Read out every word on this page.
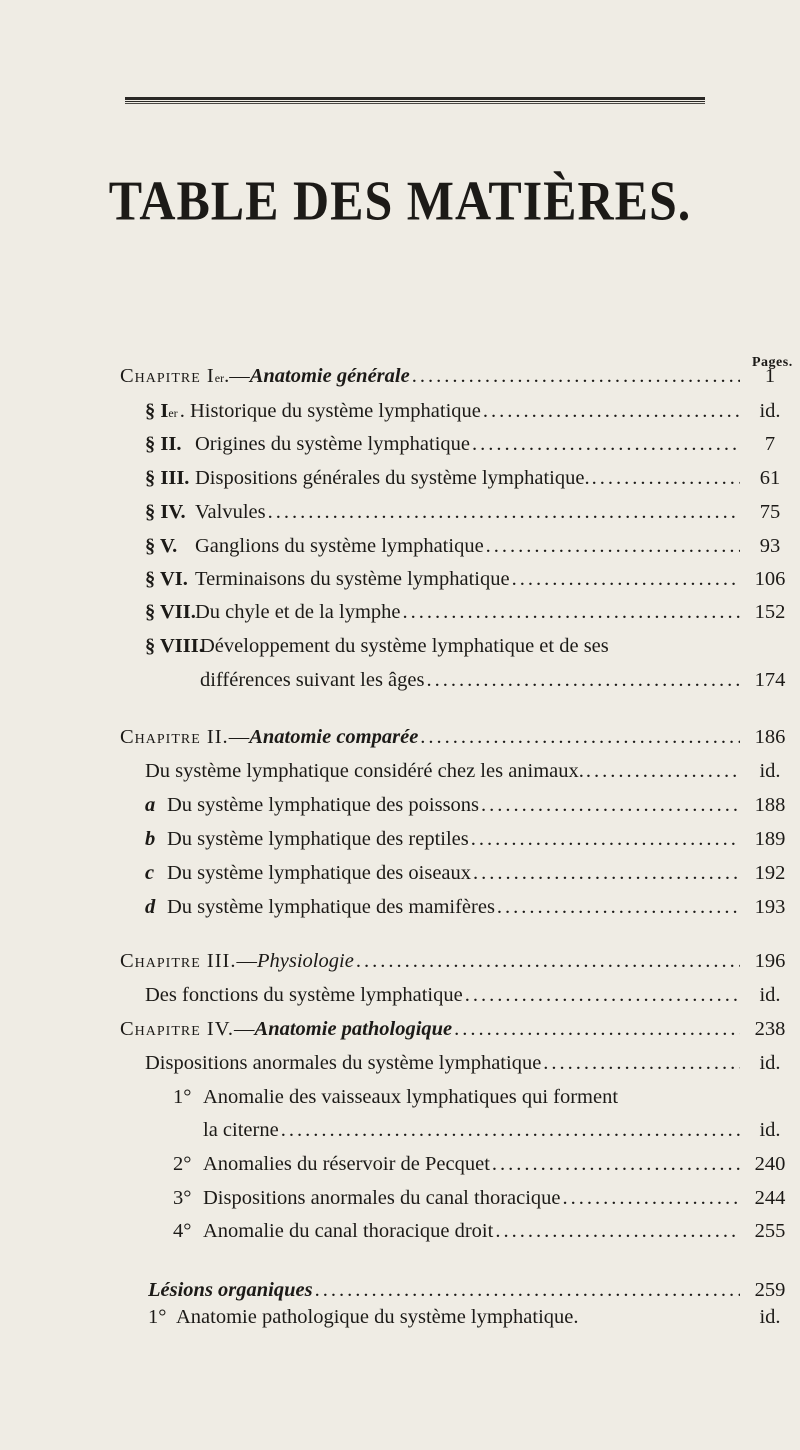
TABLE DES MATIÈRES.
Pages.
Chapitre I er .— Anatomie générale .....	1
§ I er . Historique du système lymphatique .....	id.
§ II. Origines du système lymphatique .....	7
§ III. Dispositions générales du système lymphatique. .....	61
§ IV. Valvules .....	75
§ V. Ganglions du système lymphatique .....	93
§ VI. Terminaisons du système lymphatique .....	106
§ VII. Du chyle et de la lymphe .....	152
§ VIII.
Développement du système lymphatique et de ses
différences suivant les âges .....	174
Chapitre II. — Anatomie comparée .....	186
Du système lymphatique considéré chez les animaux. .....	id.
a Du système lymphatique des poissons .....	188
b Du système lymphatique des reptiles .....	189
c Du système lymphatique des oiseaux .....	192
d Du système lymphatique des mamifères .....	193
Chapitre III. — Physiologie .....	196
Des fonctions du système lymphatique .....	id.
Chapitre IV. — Anatomie pathologique .....	238
Dispositions anormales du système lymphatique .....	id.
1° Anomalie des vaisseaux lymphatiques qui forment
la citerne .....	id.
2° Anomalies du réservoir de Pecquet .....	240
3° Dispositions anormales du canal thoracique .....	244
4° Anomalie du canal thoracique droit .....	255
Lésions organiques .....	259
1° Anatomie pathologique du système lymphatique.	id.
